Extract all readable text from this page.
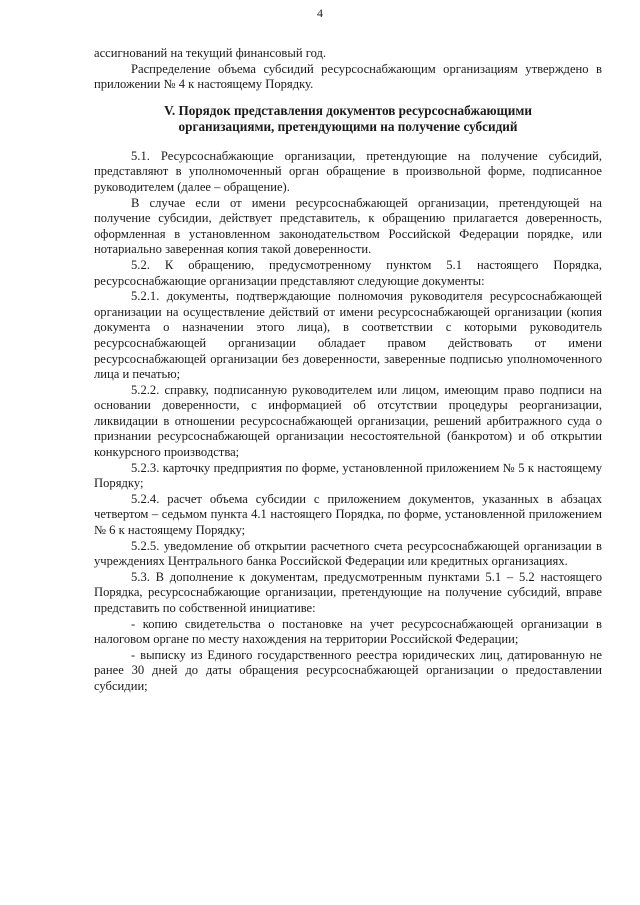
4

ассигнований на текущий финансовый год.

Распределение объема субсидий ресурсоснабжающим организациям утверждено в приложении № 4 к настоящему Порядку.

V. Порядок представления документов ресурсоснабжающими
организациями, претендующими на получение субсидий

5.1. Ресурсоснабжающие организации, претендующие на получение субсидий, представляют в уполномоченный орган обращение в произвольной форме, подписанное руководителем (далее – обращение).

В случае если от имени ресурсоснабжающей организации, претендующей на получение субсидии, действует представитель, к обращению прилагается доверенность, оформленная в установленном законодательством Российской Федерации порядке, или нотариально заверенная копия такой доверенности.

5.2. К обращению, предусмотренному пунктом 5.1 настоящего Порядка, ресурсоснабжающие организации представляют следующие документы:

5.2.1. документы, подтверждающие полномочия руководителя ресурсоснабжающей организации на осуществление действий от имени ресурсоснабжающей организации (копия документа о назначении этого лица), в соответствии с которыми руководитель ресурсоснабжающей организации обладает правом действовать от имени ресурсоснабжающей организации без доверенности, заверенные подписью уполномоченного лица и печатью;

5.2.2. справку, подписанную руководителем или лицом, имеющим право подписи на основании доверенности, с информацией об отсутствии процедуры реорганизации, ликвидации в отношении ресурсоснабжающей организации, решений арбитражного суда о признании ресурсоснабжающей организации несостоятельной (банкротом) и об открытии конкурсного производства;

5.2.3. карточку предприятия по форме, установленной приложением № 5 к настоящему Порядку;

5.2.4. расчет объема субсидии с приложением документов, указанных в абзацах четвертом – седьмом пункта 4.1 настоящего Порядка, по форме, установленной приложением № 6 к настоящему Порядку;

5.2.5. уведомление об открытии расчетного счета ресурсоснабжающей организации в учреждениях Центрального банка Российской Федерации или кредитных организациях.

5.3. В дополнение к документам, предусмотренным пунктами 5.1 – 5.2 настоящего Порядка, ресурсоснабжающие организации, претендующие на получение субсидий, вправе представить по собственной инициативе:

- копию свидетельства о постановке на учет ресурсоснабжающей организации в налоговом органе по месту нахождения на территории Российской Федерации;

- выписку из Единого государственного реестра юридических лиц, датированную не ранее 30 дней до даты обращения ресурсоснабжающей организации о предоставлении субсидии;
